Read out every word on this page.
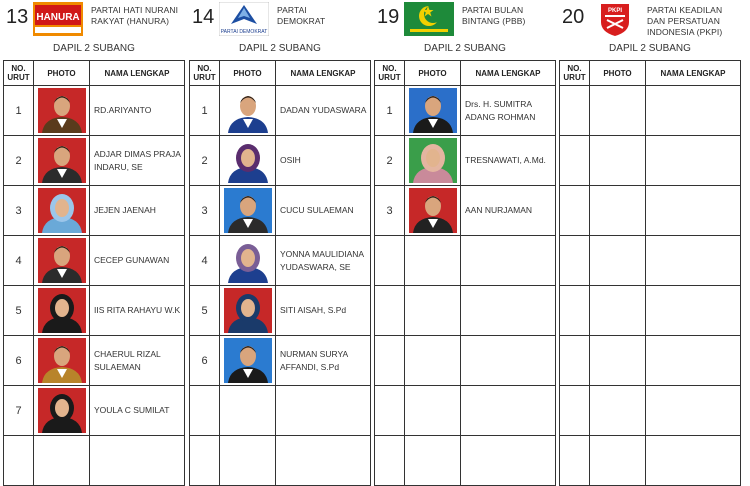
13 HANURA
PARTAI HATI NURANI
RAKYAT (HANURA)
DAPIL 2 SUBANG
NO.
URUT	PHOTO	NAMA LENGKAP
1		RD.ARIYANTO
2		ADJAR DIMAS PRAJA INDARU, SE
3		JEJEN JAENAH
4		CECEP GUNAWAN
5		IIS RITA RAHAYU W.K
6		CHAERUL RIZAL SULAEMAN
7		YOULA C SUMILAT

14
PARTAI DEMOKRAT
PARTAI
DEMOKRAT
DAPIL 2 SUBANG
NO.
URUT	PHOTO	NAMA LENGKAP
1		DADAN YUDASWARA
2		OSIH
3		CUCU SULAEMAN
4		YONNA MAULIDIANA YUDASWARA, SE
5		SITI AISAH, S.Pd
6		NURMAN SURYA AFFANDI, S.Pd

19	PARTAI BULAN
BINTANG (PBB)
DAPIL 2 SUBANG
NO.
URUT	PHOTO	NAMA LENGKAP
1		Drs. H. SUMITRA ADANG ROHMAN
2		TRESNAWATI, A.Md.
3		AAN NURJAMAN

20	PKPI	PARTAI KEADILAN
DAN PERSATUAN
INDONESIA (PKPI)
DAPIL 2 SUBANG
NO.
URUT	PHOTO	NAMA LENGKAP
